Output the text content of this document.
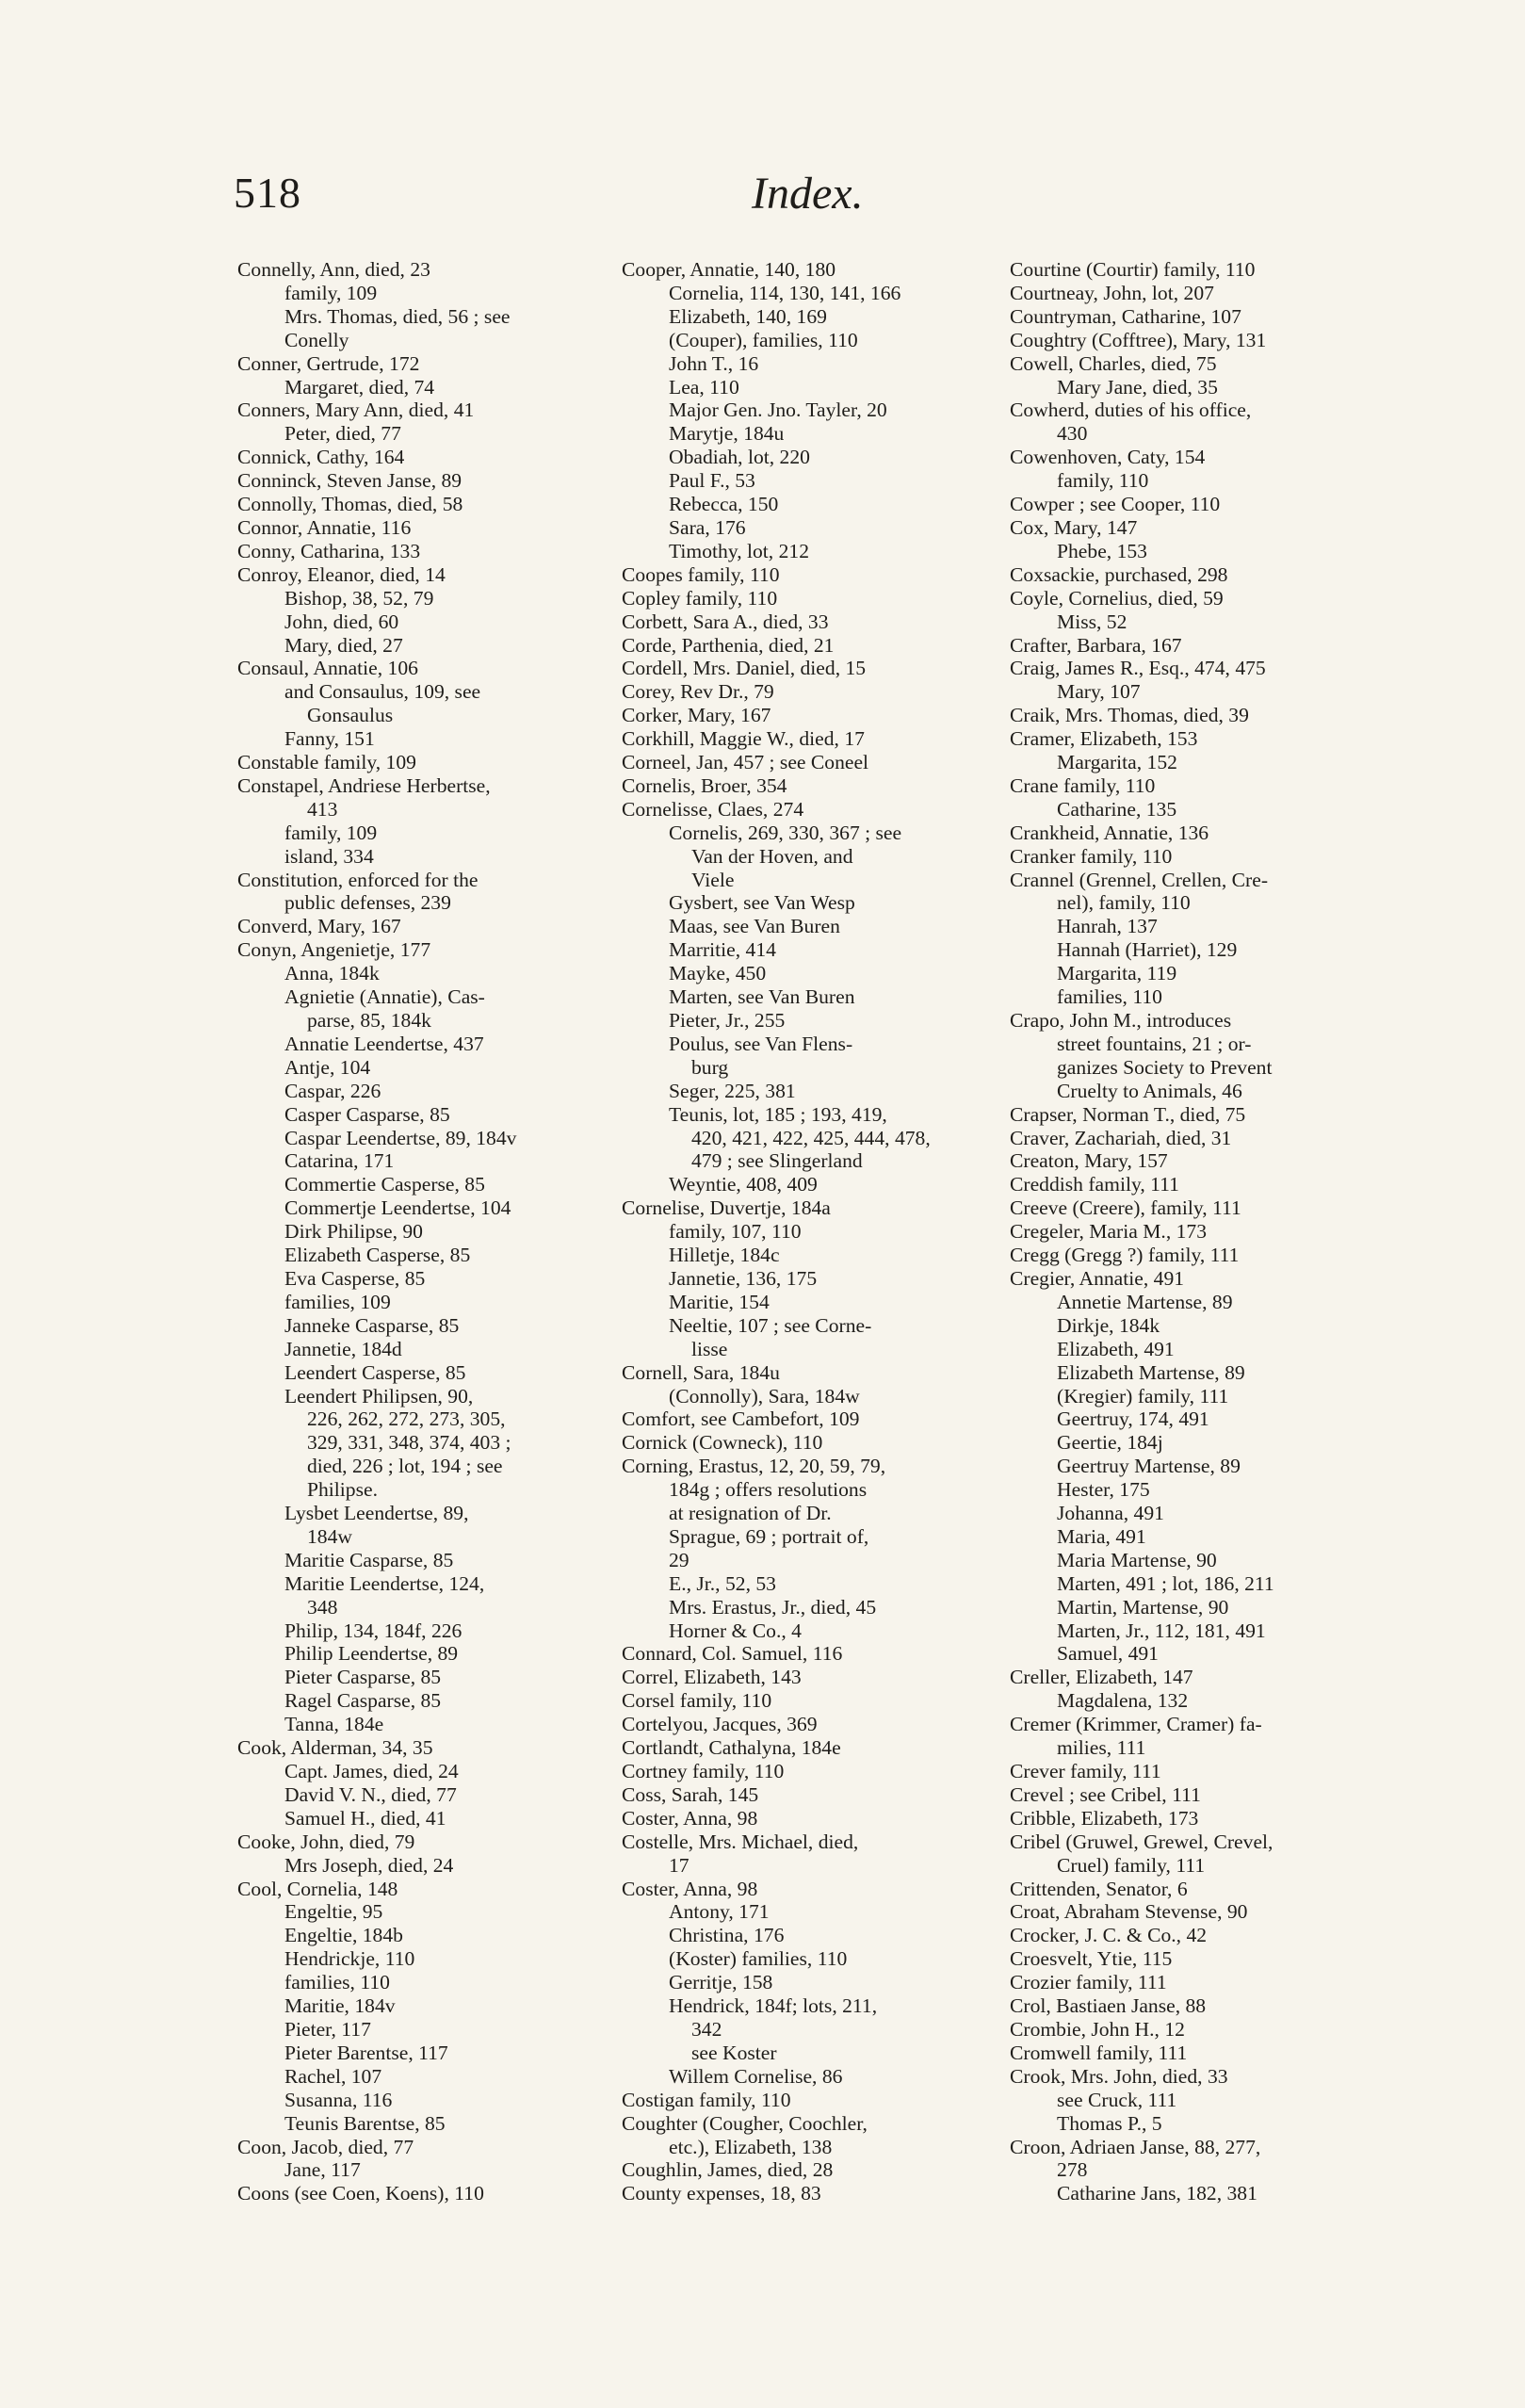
518	Index.
Connelly, Ann, died, 23
family, 109
Mrs. Thomas, died, 56 ; see
Conelly
Conner, Gertrude, 172
Margaret, died, 74
Conners, Mary Ann, died, 41
Peter, died, 77
Connick, Cathy, 164
Conninck, Steven Janse, 89
Connolly, Thomas, died, 58
Connor, Annatie, 116
Conny, Catharina, 133
Conroy, Eleanor, died, 14
Bishop, 38, 52, 79
John, died, 60
Mary, died, 27
Consaul, Annatie, 106
and Consaulus, 109, see
Gonsaulus
Fanny, 151
Constable family, 109
Constapel, Andriese Herbertse,
413
family, 109
island, 334
Constitution, enforced for the
public defenses, 239
Converd, Mary, 167
Conyn, Angenietje, 177
Anna, 184k
Agnietie (Annatie), Cas-
parse, 85, 184k
Annatie Leendertse, 437
Antje, 104
Caspar, 226
Casper Casparse, 85
Caspar Leendertse, 89, 184v
Catarina, 171
Commertie Casperse, 85
Commertje Leendertse, 104
Dirk Philipse, 90
Elizabeth Casperse, 85
Eva Casperse, 85
families, 109
Janneke Casparse, 85
Jannetie, 184d
Leendert Casperse, 85
Leendert Philipsen, 90,
226, 262, 272, 273, 305,
329, 331, 348, 374, 403 ;
died, 226 ; lot, 194 ; see
Philipse.
Lysbet Leendertse, 89,
184w
Maritie Casparse, 85
Maritie Leendertse, 124,
348
Philip, 134, 184f, 226
Philip Leendertse, 89
Pieter Casparse, 85
Ragel Casparse, 85
Tanna, 184e
Cook, Alderman, 34, 35
Capt. James, died, 24
David V. N., died, 77
Samuel H., died, 41
Cooke, John, died, 79
Mrs Joseph, died, 24
Cool, Cornelia, 148
Engeltie, 95
Engeltie, 184b
Hendrickje, 110
families, 110
Maritie, 184v
Pieter, 117
Pieter Barentse, 117
Rachel, 107
Susanna, 116
Teunis Barentse, 85
Coon, Jacob, died, 77
Jane, 117
Coons (see Coen, Koens), 110
Cooper, Annatie, 140, 180
Cornelia, 114, 130, 141, 166
Elizabeth, 140, 169
(Couper), families, 110
John T., 16
Lea, 110
Major Gen. Jno. Tayler, 20
Marytje, 184u
Obadiah, lot, 220
Paul F., 53
Rebecca, 150
Sara, 176
Timothy, lot, 212
Coopes family, 110
Copley family, 110
Corbett, Sara A., died, 33
Corde, Parthenia, died, 21
Cordell, Mrs. Daniel, died, 15
Corey, Rev Dr., 79
Corker, Mary, 167
Corkhill, Maggie W., died, 17
Corneel, Jan, 457 ; see Coneel
Cornelis, Broer, 354
Cornelisse, Claes, 274
Cornelis, 269, 330, 367 ; see
Van der Hoven, and
Viele
Gysbert, see Van Wesp
Maas, see Van Buren
Marritie, 414
Mayke, 450
Marten, see Van Buren
Pieter, Jr., 255
Poulus, see Van Flens-
burg
Seger, 225, 381
Teunis, lot, 185 ; 193, 419,
420, 421, 422, 425, 444, 478,
479 ; see Slingerland
Weyntie, 408, 409
Cornelise, Duvertje, 184a
family, 107, 110
Hilletje, 184c
Jannetie, 136, 175
Maritie, 154
Neeltie, 107 ; see Corne-
lisse
Cornell, Sara, 184u
(Connolly), Sara, 184w
Comfort, see Cambefort, 109
Cornick (Cowneck), 110
Corning, Erastus, 12, 20, 59, 79,
184g ; offers resolutions
at resignation of Dr.
Sprague, 69 ; portrait of,
29
E., Jr., 52, 53
Mrs. Erastus, Jr., died, 45
Horner & Co., 4
Connard, Col. Samuel, 116
Correl, Elizabeth, 143
Corsel family, 110
Cortelyou, Jacques, 369
Cortlandt, Cathalyna, 184e
Cortney family, 110
Coss, Sarah, 145
Coster, Anna, 98
Costelle, Mrs. Michael, died,
17
Coster, Anna, 98
Antony, 171
Christina, 176
(Koster) families, 110
Gerritje, 158
Hendrick, 184f; lots, 211,
342
see Koster
Willem Cornelise, 86
Costigan family, 110
Coughter (Cougher, Coochler,
etc.), Elizabeth, 138
Coughlin, James, died, 28
County expenses, 18, 83
Courtine (Courtir) family, 110
Courtneay, John, lot, 207
Countryman, Catharine, 107
Coughtry (Cofftree), Mary, 131
Cowell, Charles, died, 75
Mary Jane, died, 35
Cowherd, duties of his office,
430
Cowenhoven, Caty, 154
family, 110
Cowper ; see Cooper, 110
Cox, Mary, 147
Phebe, 153
Coxsackie, purchased, 298
Coyle, Cornelius, died, 59
Miss, 52
Crafter, Barbara, 167
Craig, James R., Esq., 474, 475
Mary, 107
Craik, Mrs. Thomas, died, 39
Cramer, Elizabeth, 153
Margarita, 152
Crane family, 110
Catharine, 135
Crankheid, Annatie, 136
Cranker family, 110
Crannel (Grennel, Crellen, Cre-
nel), family, 110
Hanrah, 137
Hannah (Harriet), 129
Margarita, 119
families, 110
Crapo, John M., introduces
street fountains, 21 ; or-
ganizes Society to Prevent
Cruelty to Animals, 46
Crapser, Norman T., died, 75
Craver, Zachariah, died, 31
Creaton, Mary, 157
Creddish family, 111
Creeve (Creere), family, 111
Cregeler, Maria M., 173
Cregg (Gregg ?) family, 111
Cregier, Annatie, 491
Annetie Martense, 89
Dirkje, 184k
Elizabeth, 491
Elizabeth Martense, 89
(Kregier) family, 111
Geertruy, 174, 491
Geertie, 184j
Geertruy Martense, 89
Hester, 175
Johanna, 491
Maria, 491
Maria Martense, 90
Marten, 491 ; lot, 186, 211
Martin, Martense, 90
Marten, Jr., 112, 181, 491
Samuel, 491
Creller, Elizabeth, 147
Magdalena, 132
Cremer (Krimmer, Cramer) fa-
milies, 111
Crever family, 111
Crevel ; see Cribel, 111
Cribble, Elizabeth, 173
Cribel (Gruwel, Grewel, Crevel,
Cruel) family, 111
Crittenden, Senator, 6
Croat, Abraham Stevense, 90
Crocker, J. C. & Co., 42
Croesvelt, Ytie, 115
Crozier family, 111
Crol, Bastiaen Janse, 88
Crombie, John H., 12
Cromwell family, 111
Crook, Mrs. John, died, 33
see Cruck, 111
Thomas P., 5
Croon, Adriaen Janse, 88, 277,
278
Catharine Jans, 182, 381
